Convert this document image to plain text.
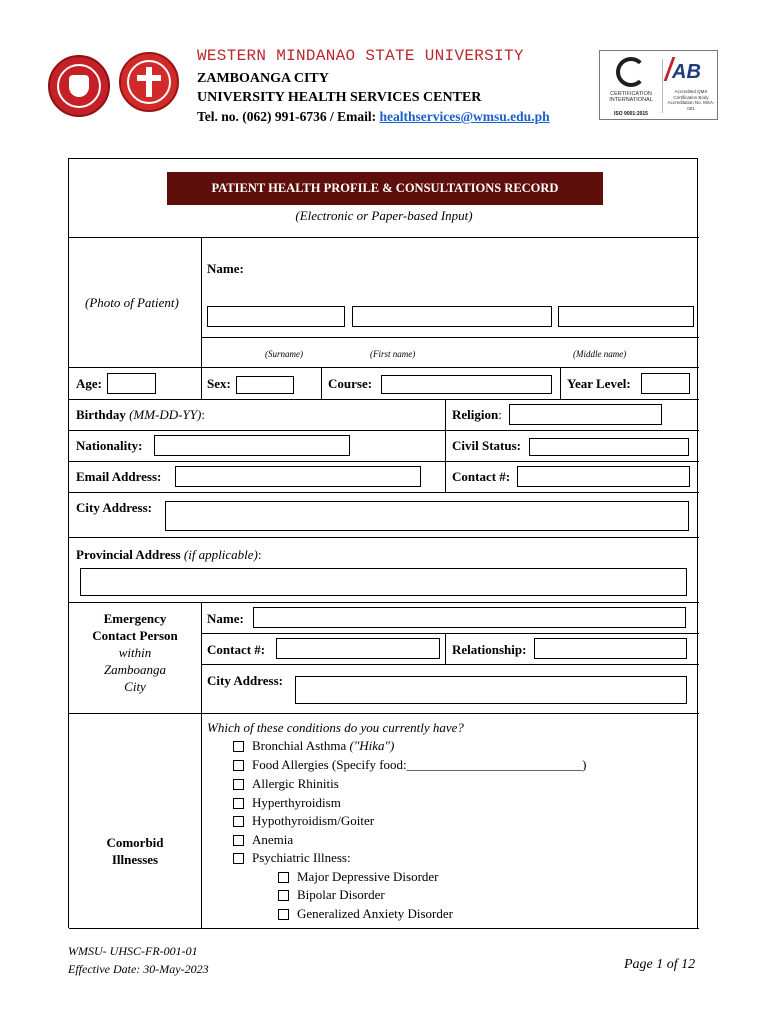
WESTERN MINDANAO STATE UNIVERSITY
ZAMBOANGA CITY
UNIVERSITY HEALTH SERVICES CENTER
Tel. no. (062) 991-6736 / Email: healthservices@wmsu.edu.ph
CERTIFICATION INTERNATIONAL
ISO 9001:2015
AB
Accredited QMS Certification Body Accreditation No. MSA-001
PATIENT HEALTH PROFILE & CONSULTATIONS RECORD
(Electronic or Paper-based Input)
(Photo of Patient)
Name:
(Surname)	(First name)	(Middle name)
Age:	Sex:	Course:	Year Level:
Birthday (MM-DD-YY):	Religion:
Nationality:	Civil Status:
Email Address:	Contact #:
City Address:
Provincial Address (if applicable):
Emergency
Contact Person
within
Zamboanga
City
Name:
Contact #:	Relationship:
City Address:
Comorbid
Illnesses
Which of these conditions do you currently have?
Bronchial Asthma
("Hika")
Food Allergies (Specify food:___________________________)
Allergic Rhinitis
Hyperthyroidism
Hypothyroidism/Goiter
Anemia
Psychiatric Illness:
Major Depressive Disorder
Bipolar Disorder
Generalized Anxiety Disorder
WMSU- UHSC-FR-001-01
Effective Date: 30-May-2023	Page 1 of 12
